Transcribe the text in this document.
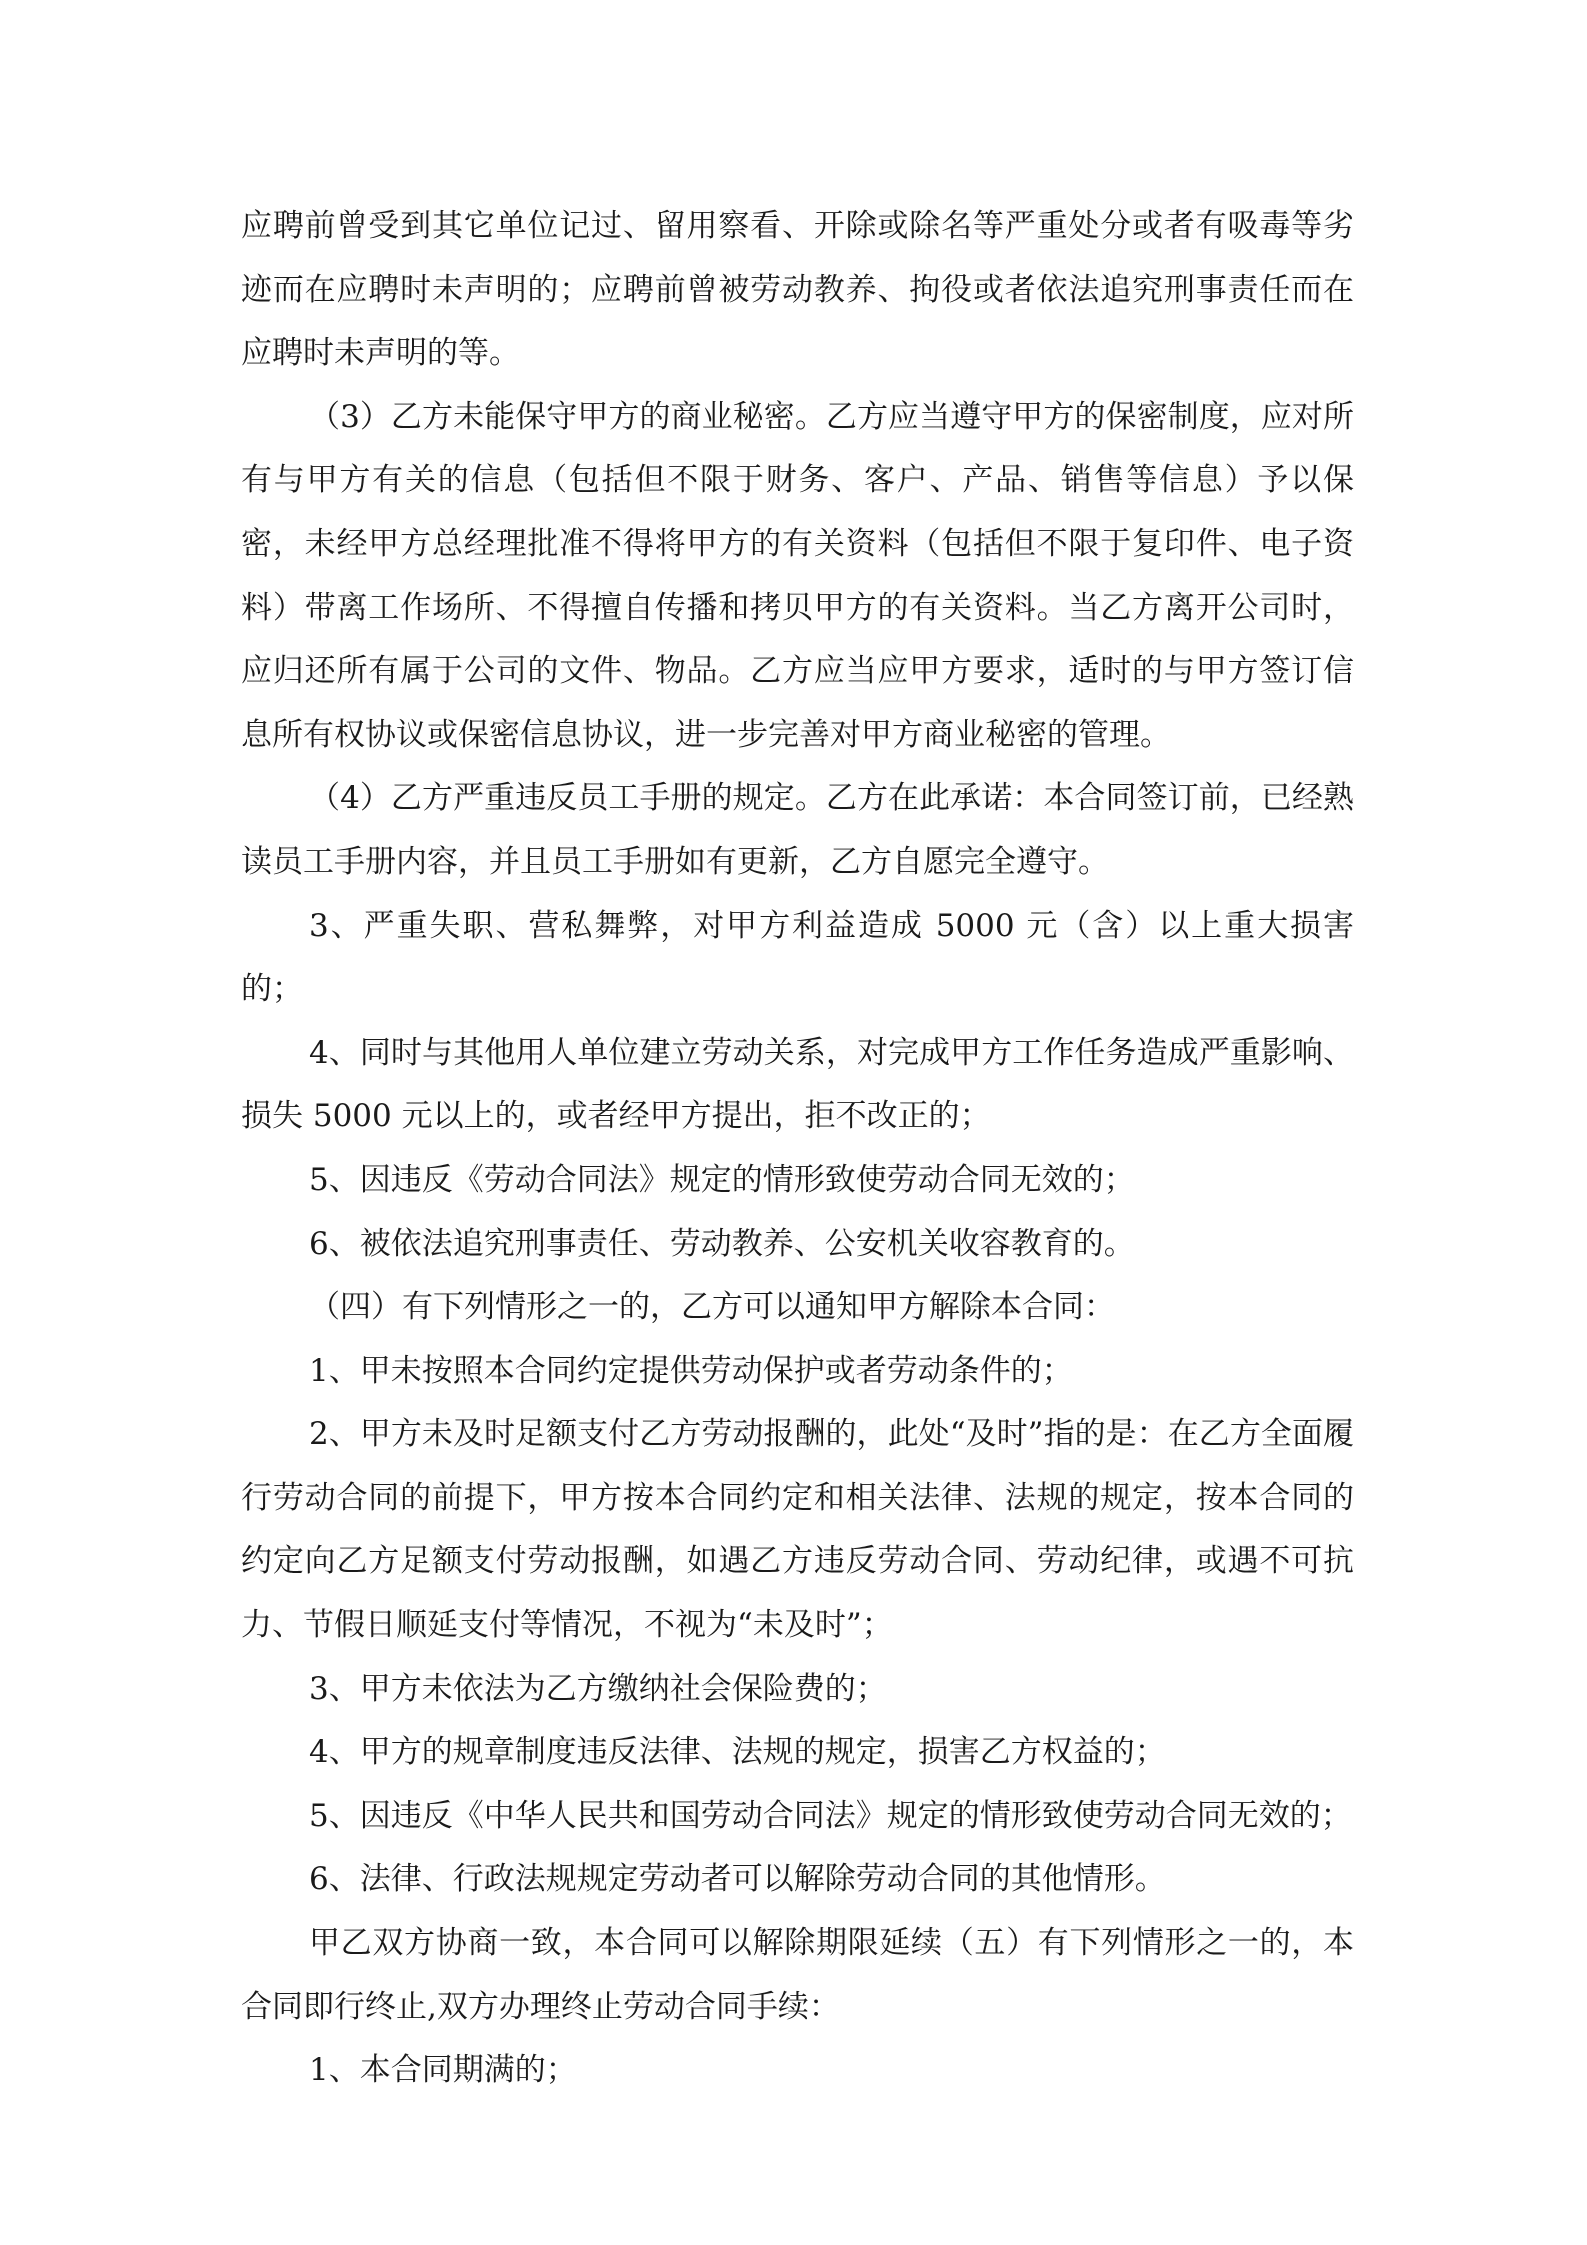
应聘前曾受到其它单位记过、留用察看、开除或除名等严重处分或者有吸毒等劣迹而在应聘时未声明的；应聘前曾被劳动教养、拘役或者依法追究刑事责任而在应聘时未声明的等。

（3）乙方未能保守甲方的商业秘密。乙方应当遵守甲方的保密制度，应对所有与甲方有关的信息（包括但不限于财务、客户、产品、销售等信息）予以保密，未经甲方总经理批准不得将甲方的有关资料（包括但不限于复印件、电子资料）带离工作场所、不得擅自传播和拷贝甲方的有关资料。当乙方离开公司时，应归还所有属于公司的文件、物品。乙方应当应甲方要求，适时的与甲方签订信息所有权协议或保密信息协议，进一步完善对甲方商业秘密的管理。

（4）乙方严重违反员工手册的规定。乙方在此承诺：本合同签订前，已经熟读员工手册内容，并且员工手册如有更新，乙方自愿完全遵守。

3、严重失职、营私舞弊，对甲方利益造成 5000 元（含）以上重大损害的；

4、同时与其他用人单位建立劳动关系，对完成甲方工作任务造成严重影响、损失 5000 元以上的，或者经甲方提出，拒不改正的；

5、因违反《劳动合同法》规定的情形致使劳动合同无效的；

6、被依法追究刑事责任、劳动教养、公安机关收容教育的。

（四）有下列情形之一的，乙方可以通知甲方解除本合同：

1、甲未按照本合同约定提供劳动保护或者劳动条件的；

2、甲方未及时足额支付乙方劳动报酬的，此处“及时”指的是：在乙方全面履行劳动合同的前提下，甲方按本合同约定和相关法律、法规的规定，按本合同的约定向乙方足额支付劳动报酬，如遇乙方违反劳动合同、劳动纪律，或遇不可抗力、节假日顺延支付等情况，不视为“未及时”；

3、甲方未依法为乙方缴纳社会保险费的；

4、甲方的规章制度违反法律、法规的规定，损害乙方权益的；

5、因违反《中华人民共和国劳动合同法》规定的情形致使劳动合同无效的；

6、法律、行政法规规定劳动者可以解除劳动合同的其他情形。

甲乙双方协商一致，本合同可以解除期限延续（五）有下列情形之一的，本合同即行终止,双方办理终止劳动合同手续：

1、本合同期满的；
